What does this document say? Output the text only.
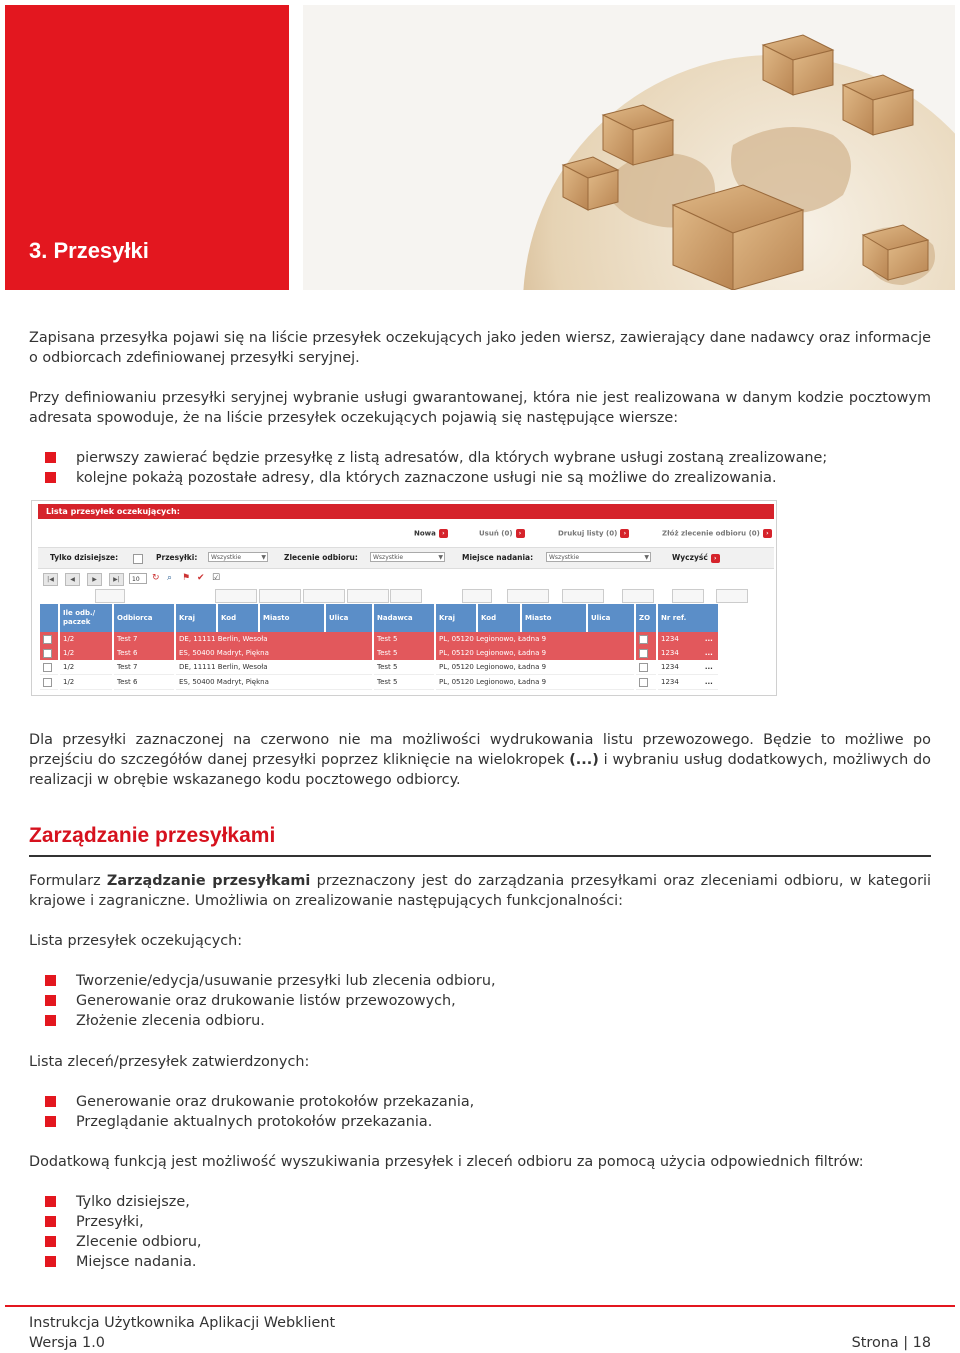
3. Przesyłki

Zapisana przesyłka pojawi się na liście przesyłek oczekujących jako jeden wiersz, zawierający dane nadawcy oraz informacje o odbiorcach zdefiniowanej przesyłki seryjnej.

Przy definiowaniu przesyłki seryjnej wybranie usługi gwarantowanej, która nie jest realizowana w danym kodzie pocztowym adresata spowoduje, że na liście przesyłek oczekujących pojawią się następujące wiersze:

pierwszy zawierać będzie przesyłkę z listą adresatów, dla których wybrane usługi zostaną zrealizowane;
kolejne pokażą pozostałe adresy, dla których zaznaczone usługi nie są możliwe do zrealizowania.
Lista przesyłek oczekujących:
Nowa ›	Usuń (0) ›	Drukuj listy (0) ›	Złóż zlecenie odbioru (0) ›
Tylko dzisiejsze:	Przesyłki:	Wszystkie	▼ Zlecenie odbioru:	Wszystkie	▼	Miejsce nadania:	Wszystkie	▼	Wyczyść ›
|◀	◀	▶	▶|	10	↻ ⌕	⚑ ✔ ☑
	Ile odb./ paczek	Odbiorca	Kraj	Kod	Miasto	Ulica	Nadawca	Kraj	Kod	Miasto	Ulica	ZO	Nr ref.
	1/2	Test 7	DE, 11111 Berlin, Wesoła				Test 5	PL, 05120 Legionowo, Ładna 9					1234 ...
	1/2	Test 6	ES, 50400 Madryt, Piękna				Test 5	PL, 05120 Legionowo, Ładna 9					1234 ...
	1/2	Test 7	DE, 11111 Berlin, Wesoła				Test 5	PL, 05120 Legionowo, Ładna 9					1234 ...
	1/2	Test 6	ES, 50400 Madryt, Piękna				Test 5	PL, 05120 Legionowo, Ładna 9					1234 ...

Dla przesyłki zaznaczonej na czerwono nie ma możliwości wydrukowania listu przewozowego. Będzie to możliwe po przejściu do szczegółów danej przesyłki poprzez kliknięcie na wielokropek (...) i wybraniu usług dodatkowych, możliwych do realizacji w obrębie wskazanego kodu pocztowego odbiorcy.

Zarządzanie przesyłkami

Formularz Zarządzanie przesyłkami przeznaczony jest do zarządzania przesyłkami oraz zleceniami odbioru, w kategorii krajowe i zagraniczne. Umożliwia on zrealizowanie następujących funkcjonalności:

Lista przesyłek oczekujących:

Tworzenie/edycja/usuwanie przesyłki lub zlecenia odbioru,
Generowanie oraz drukowanie listów przewozowych,
Złożenie zlecenia odbioru.

Lista zleceń/przesyłek zatwierdzonych:

Generowanie oraz drukowanie protokołów przekazania,
Przeglądanie aktualnych protokołów przekazania.

Dodatkową funkcją jest możliwość wyszukiwania przesyłek i zleceń odbioru za pomocą użycia odpowiednich filtrów:

Tylko dzisiejsze,
Przesyłki,
Zlecenie odbioru,
Miejsce nadania.
Instrukcja Użytkownika Aplikacji Webklient
Wersja 1.0	Strona | 18
